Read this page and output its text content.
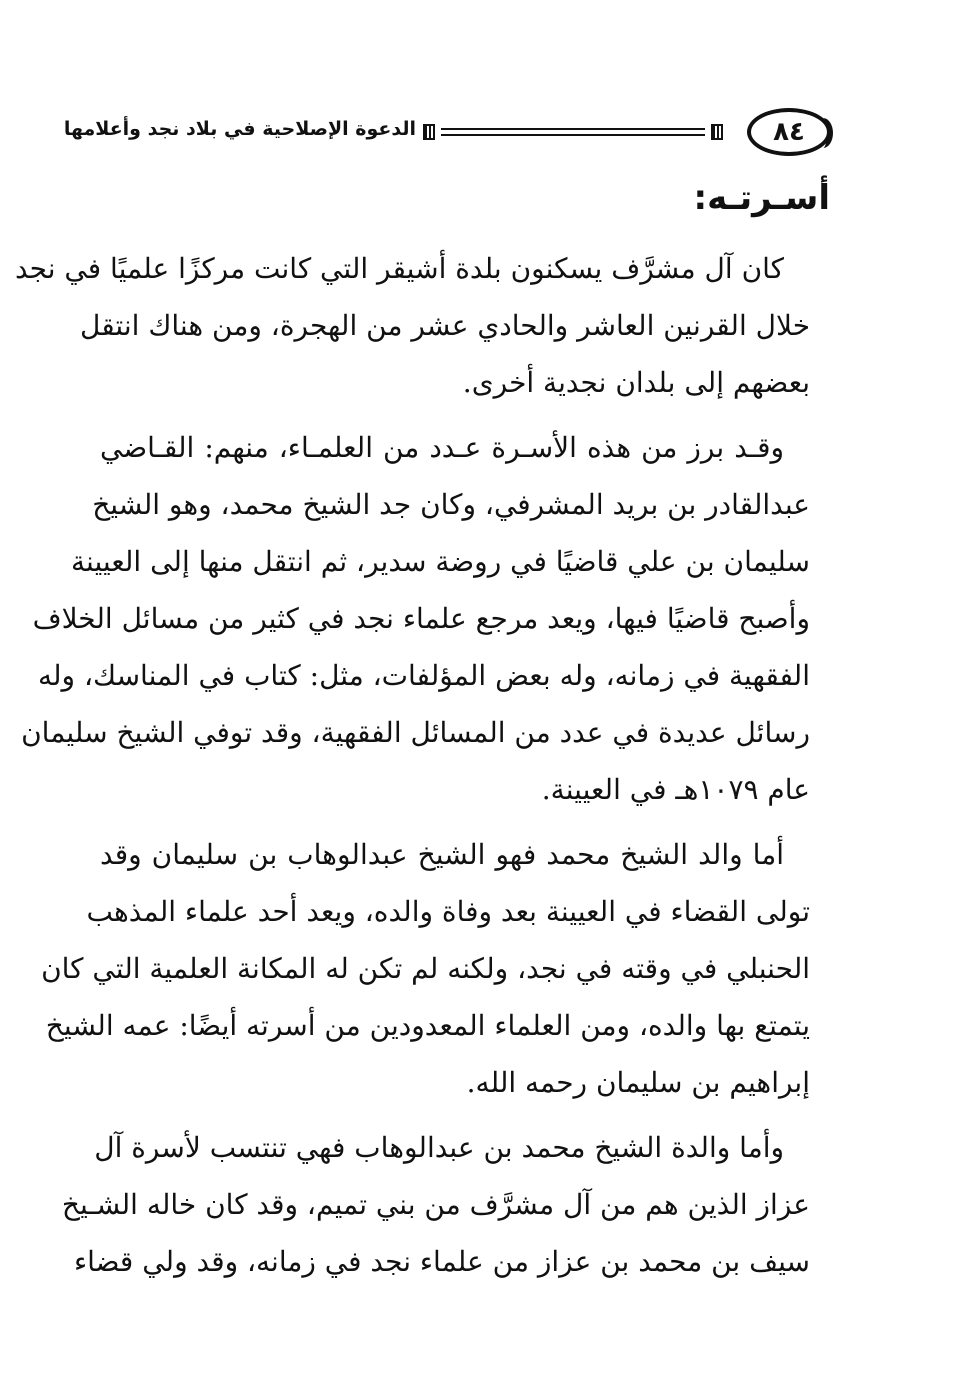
٨٤
الدعوة الإصلاحية في بلاد نجد وأعلامها
أسـرتـه:

كان آل مشرَّف يسكنون بلدة أشيقر التي كانت مركزًا علميًا في نجد
خلال القرنين العاشر والحادي عشر من الهجرة، ومن هناك انتقل
بعضهم إلى بلدان نجدية أخرى.

وقـد برز من هذه الأسـرة عـدد من العلمـاء، منهم: القـاضي
عبدالقادر بن بريد المشرفي، وكان جد الشيخ محمد، وهو الشيخ
سليمان بن علي قاضيًا في روضة سدير، ثم انتقل منها إلى العيينة
وأصبح قاضيًا فيها، ويعد مرجع علماء نجد في كثير من مسائل الخلاف
الفقهية في زمانه، وله بعض المؤلفات، مثل: كتاب في المناسك، وله
رسائل عديدة في عدد من المسائل الفقهية، وقد توفي الشيخ سليمان
عام ١٠٧٩هـ في العيينة.

أما والد الشيخ محمد فهو الشيخ عبدالوهاب بن سليمان وقد
تولى القضاء في العيينة بعد وفاة والده، ويعد أحد علماء المذهب
الحنبلي في وقته في نجد، ولكنه لم تكن له المكانة العلمية التي كان
يتمتع بها والده، ومن العلماء المعدودين من أسرته أيضًا: عمه الشيخ
إبراهيم بن سليمان رحمه الله.

وأما والدة الشيخ محمد بن عبدالوهاب فهي تنتسب لأسرة آل
عزاز الذين هم من آل مشرَّف من بني تميم، وقد كان خاله الشـيخ
سيف بن محمد بن عزاز من علماء نجد في زمانه، وقد ولي قضاء
